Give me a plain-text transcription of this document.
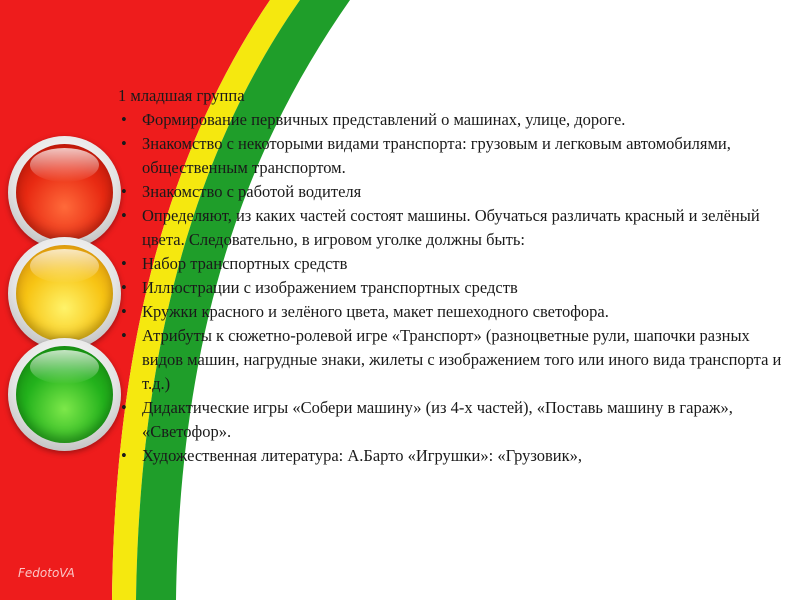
1 младшая группа

• Формирование первичных представлений о машинах, улице, дороге.
• Знакомство с некоторыми видами транспорта: грузовым и легковым автомобилями, общественным транспортом.
• Знакомство с работой водителя
• Определяют, из каких частей состоят машины. Обучаться различать красный и зелёный цвета. Следовательно, в игровом уголке должны быть:
• Набор транспортных средств
• Иллюстрации с изображением транспортных средств
• Кружки красного и зелёного цвета, макет пешеходного светофора.
• Атрибуты к сюжетно-ролевой игре «Транспорт» (разноцветные рули, шапочки разных видов машин, нагрудные знаки, жилеты с изображением того или иного вида транспорта и т.д.)
• Дидактические игры «Собери машину» (из 4-х частей), «Поставь машину в гараж», «Светофор».
• Художественная литература: А.Барто «Игрушки»: «Грузовик»,
FedotoVA
